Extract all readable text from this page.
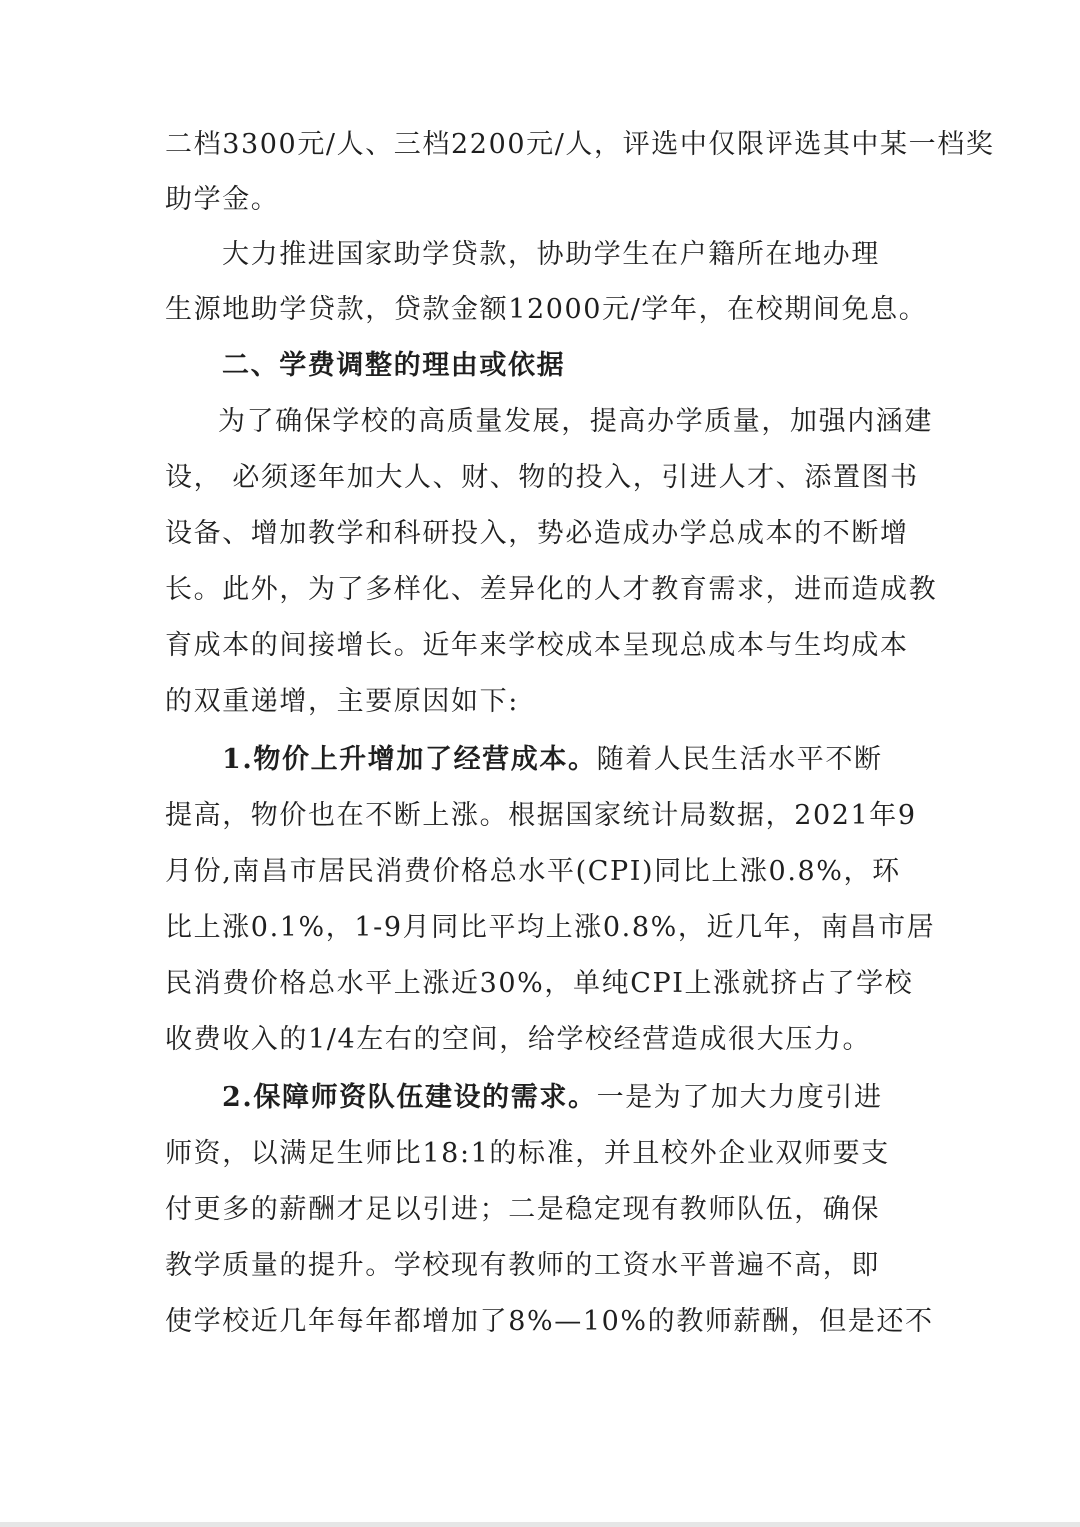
二档3300元/人、三档2200元/人，评选中仅限评选其中某一档奖
助学金。
大力推进国家助学贷款，协助学生在户籍所在地办理
生源地助学贷款，贷款金额12000元/学年，在校期间免息。
二、学费调整的理由或依据
为了确保学校的高质量发展，提高办学质量，加强内涵建
设， 必须逐年加大人、财、物的投入，引进人才、添置图书
设备、增加教学和科研投入，势必造成办学总成本的不断增
长。此外，为了多样化、差异化的人才教育需求，进而造成教
育成本的间接增长。近年来学校成本呈现总成本与生均成本
的双重递增，主要原因如下:
1.物价上升增加了经营成本。随着人民生活水平不断
提高，物价也在不断上涨。根据国家统计局数据，2021年9
月份,南昌市居民消费价格总水平(CPI)同比上涨0.8%，环
比上涨0.1%，1-9月同比平均上涨0.8%，近几年，南昌市居
民消费价格总水平上涨近30%，单纯CPI上涨就挤占了学校
收费收入的1/4左右的空间，给学校经营造成很大压力。
2.保障师资队伍建设的需求。一是为了加大力度引进
师资，以满足生师比18:1的标准，并且校外企业双师要支
付更多的薪酬才足以引进；二是稳定现有教师队伍，确保
教学质量的提升。学校现有教师的工资水平普遍不高，即
使学校近几年每年都增加了8%—10%的教师薪酬，但是还不
